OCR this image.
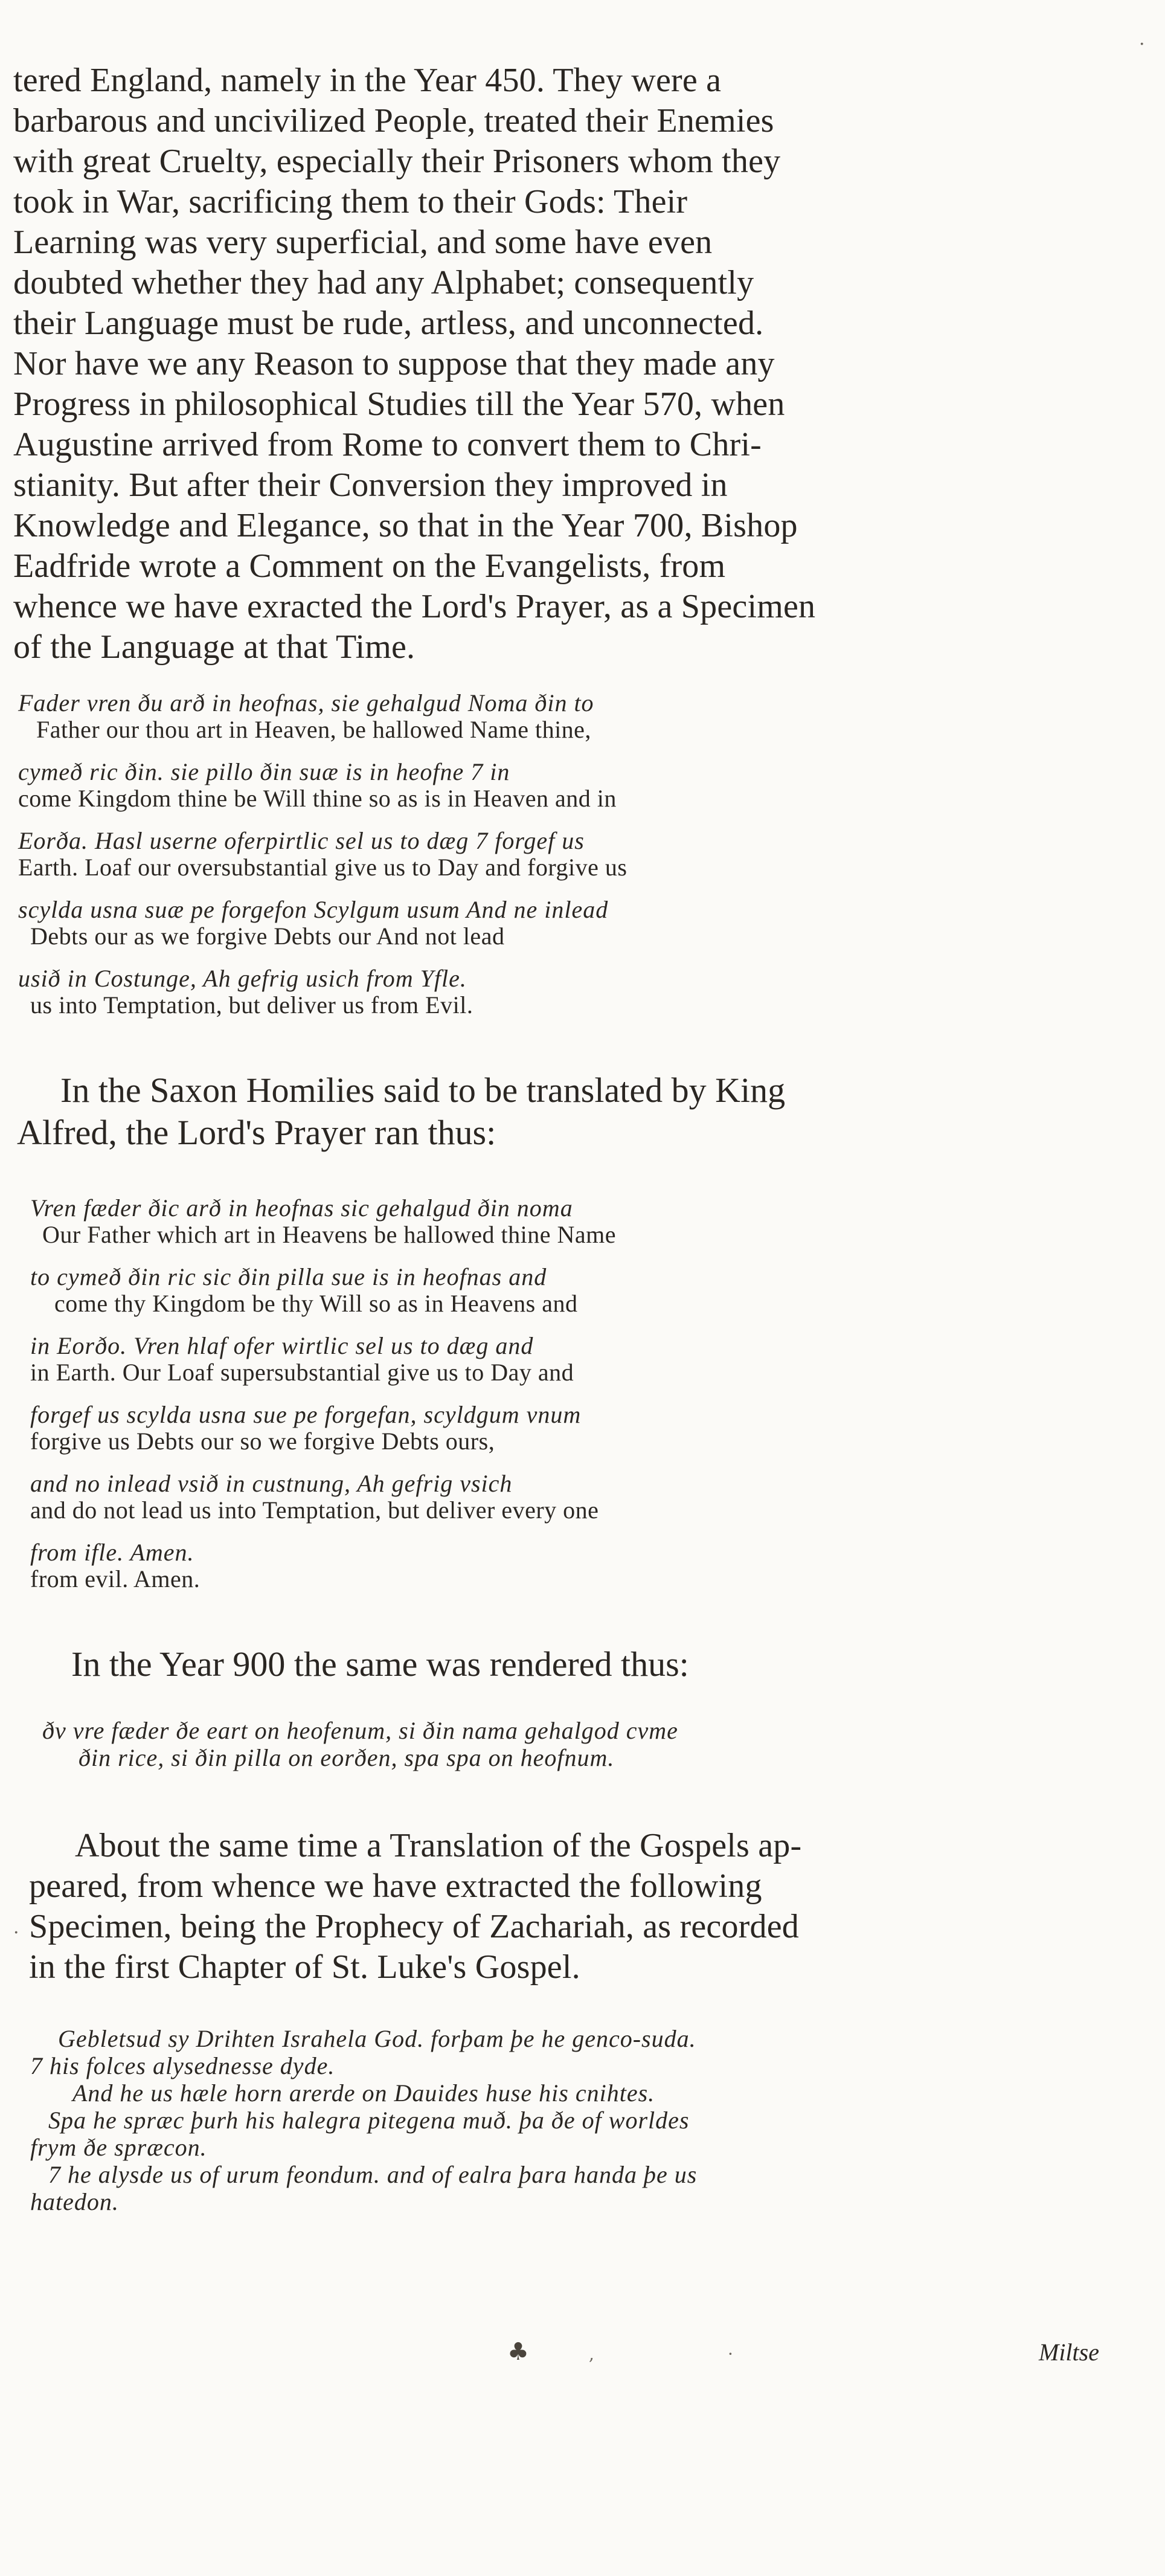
·
tered England, namely in the Year 450. They were a
barbarous and uncivilized People, treated their Enemies
with great Cruelty, especially their Prisoners whom they
took in War, sacrificing them to their Gods: Their
Learning was very superficial, and some have even
doubted whether they had any Alphabet; consequently
their Language must be rude, artless, and unconnected.
Nor have we any Reason to suppose that they made any
Progress in philosophical Studies till the Year 570, when
Augustine arrived from Rome to convert them to Chri-
stianity. But after their Conversion they improved in
Knowledge and Elegance, so that in the Year 700, Bishop
Eadfride wrote a Comment on the Evangelists, from
whence we have exracted the Lord's Prayer, as a Specimen
of the Language at that Time.
Fader vren ðu arð in heofnas, sie gehalgud Noma ðin to
Father our thou art in Heaven, be hallowed Name thine,
cymeð ric ðin. sie pillo ðin suæ is in heofne 7 in
come Kingdom thine be Will thine so as is in Heaven and in
Eorða. Hasl userne oferpirtlic sel us to dæg 7 forgef us
Earth. Loaf our oversubstantial give us to Day and forgive us
scylda usna suæ pe forgefon Scylgum usum And ne inlead
Debts our as we forgive Debts our And not lead
usið in Costunge, Ah gefrig usich from Yfle.
us into Temptation, but deliver us from Evil.
In the Saxon Homilies said to be translated by King
Alfred, the Lord's Prayer ran thus:
Vren fæder ðic arð in heofnas sic gehalgud ðin noma
Our Father which art in Heavens be hallowed thine Name
to cymeð ðin ric sic ðin pilla sue is in heofnas and
come thy Kingdom be thy Will so as in Heavens and
in Eorðo. Vren hlaf ofer wirtlic sel us to dæg and
in Earth. Our Loaf supersubstantial give us to Day and
forgef us scylda usna sue pe forgefan, scyldgum vnum
forgive us Debts our so we forgive Debts ours,
and no inlead vsið in custnung, Ah gefrig vsich
and do not lead us into Temptation, but deliver every one
from ifle. Amen.
from evil. Amen.
In the Year 900 the same was rendered thus:
ðv vre fæder ðe eart on heofenum, si ðin nama gehalgod cvme
ðin rice, si ðin pilla on eorðen, spa spa on heofnum.
About the same time a Translation of the Gospels ap-
peared, from whence we have extracted the following
Specimen, being the Prophecy of Zachariah, as recorded
in the first Chapter of St. Luke's Gospel.
·
Gebletsud sy Drihten Israhela God. forþam þe he genco-suda.
7 his folces alysednesse dyde.
And he us hæle horn arerde on Dauides huse his cnihtes.
Spa he spræc þurh his halegra pitegena muð. þa ðe of worldes
frym ðe spræcon.
7 he alysde us of urum feondum. and of ealra þara handa þe us
hatedon.
♣	,	·	Miltse
